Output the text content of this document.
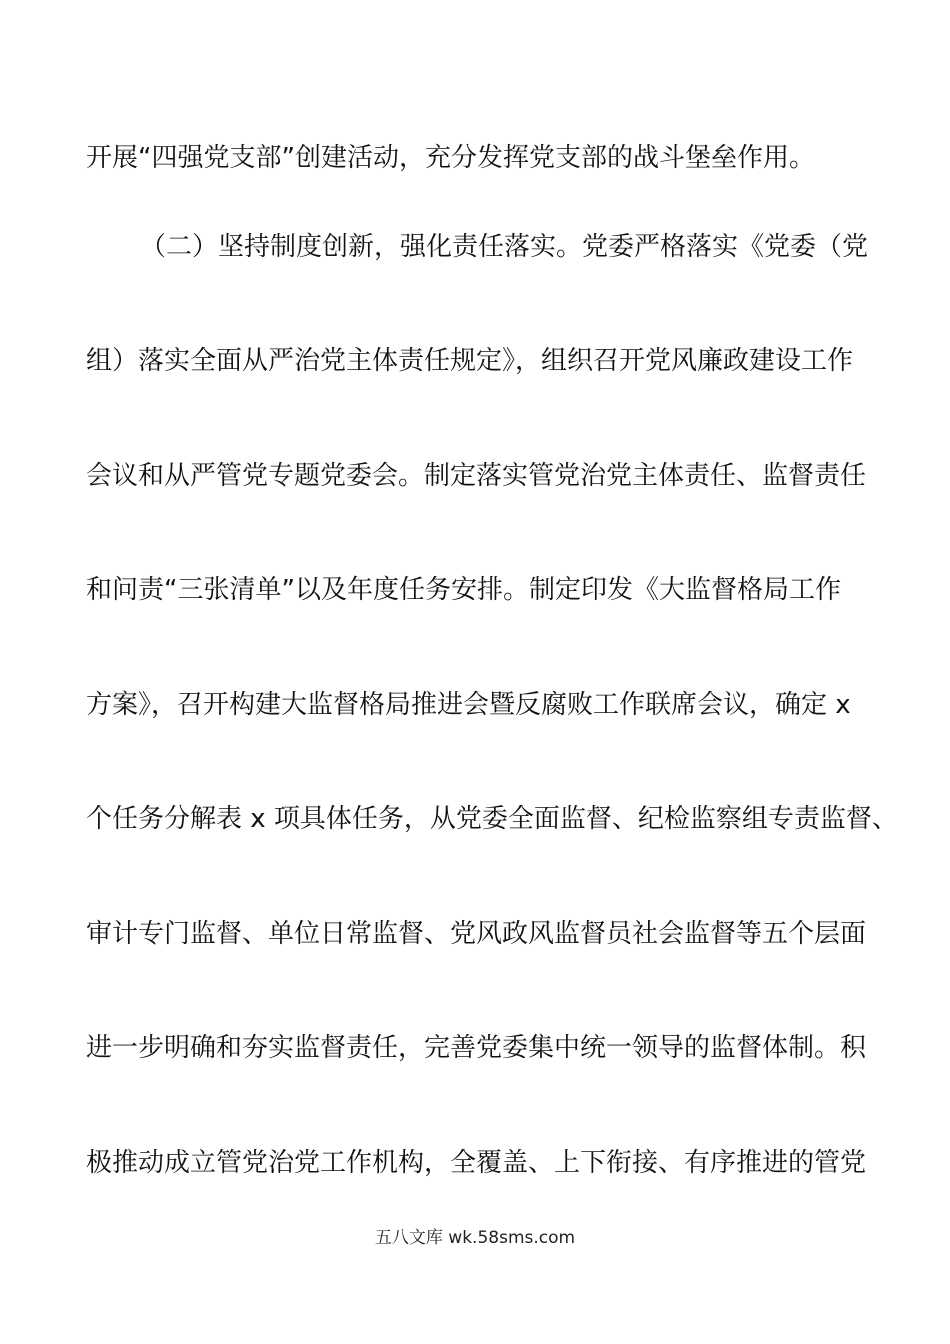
开展“四强党支部”创建活动，充分发挥党支部的战斗堡垒作用。
（二）坚持制度创新，强化责任落实。党委严格落实《党委（党
组）落实全面从严治党主体责任规定》，组织召开党风廉政建设工作
会议和从严管党专题党委会。制定落实管党治党主体责任、监督责任
和问责“三张清单”以及年度任务安排。制定印发《大监督格局工作
方案》，召开构建大监督格局推进会暨反腐败工作联席会议，确定 x
个任务分解表 x 项具体任务，从党委全面监督、纪检监察组专责监督、
审计专门监督、单位日常监督、党风政风监督员社会监督等五个层面
进一步明确和夯实监督责任，完善党委集中统一领导的监督体制。积
极推动成立管党治党工作机构，全覆盖、上下衔接、有序推进的管党
五八文库 wk.58sms.com
